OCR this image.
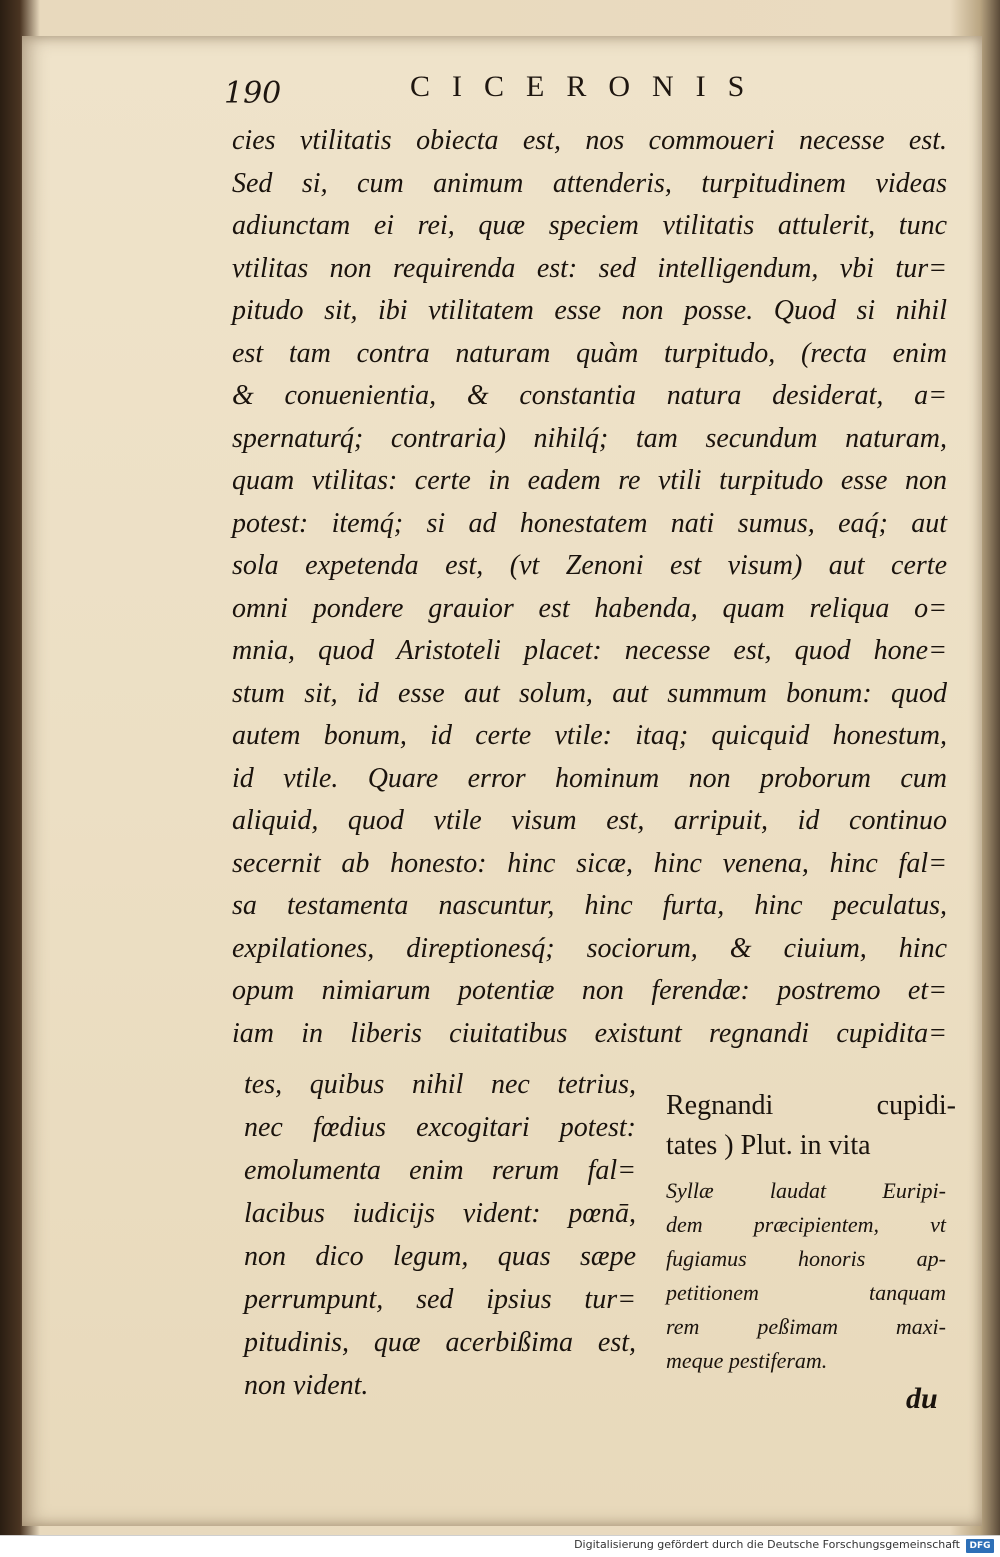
190	CICERONIS
cies vtilitatis obiecta est, nos commoueri necesse est.
Sed si, cum animum attenderis, turpitudinem videas
adiunctam ei rei, quæ speciem vtilitatis attulerit, tunc
vtilitas non requirenda est: sed intelligendum, vbi tur=
pitudo sit, ibi vtilitatem esse non posse. Quod si nihil
est tam contra naturam quàm turpitudo, (recta enim
& conuenientia, & constantia natura desiderat, a=
spernaturq́; contraria) nihilq́; tam secundum naturam,
quam vtilitas: certe in eadem re vtili turpitudo esse non
potest: itemq́; si ad honestatem nati sumus, eaq́; aut
sola expetenda est, (vt Zenoni est visum) aut certe
omni pondere grauior est habenda, quam reliqua o=
mnia, quod Aristoteli placet: necesse est, quod hone=
stum sit, id esse aut solum, aut summum bonum: quod
autem bonum, id certe vtile: itaq; quicquid honestum,
id vtile. Quare error hominum non proborum cum
aliquid, quod vtile visum est, arripuit, id continuo
secernit ab honesto: hinc sicæ, hinc venena, hinc fal=
sa testamenta nascuntur, hinc furta, hinc peculatus,
expilationes, direptionesq́; sociorum, & ciuium, hinc
opum nimiarum potentiæ non ferendæ: postremo et=
iam in liberis ciuitatibus existunt regnandi cupidita=
tes, quibus nihil nec tetrius,
nec fœdius excogitari potest:
emolumenta enim rerum fal=
lacibus iudicijs vident: pœnā,
non dico legum, quas sæpe
perrumpunt, sed ipsius tur=
pitudinis, quæ acerbißima est,
non vident.
Regnandi cupidi-
tates ) Plut. in vita
Syllæ laudat Euripi-
dem præcipientem, vt
fugiamus honoris ap-
petitionem tanquam
rem peßimam maxi-
meque pestiferam.
du
Digitalisierung gefördert durch die Deutsche Forschungsgemeinschaft	DFG
